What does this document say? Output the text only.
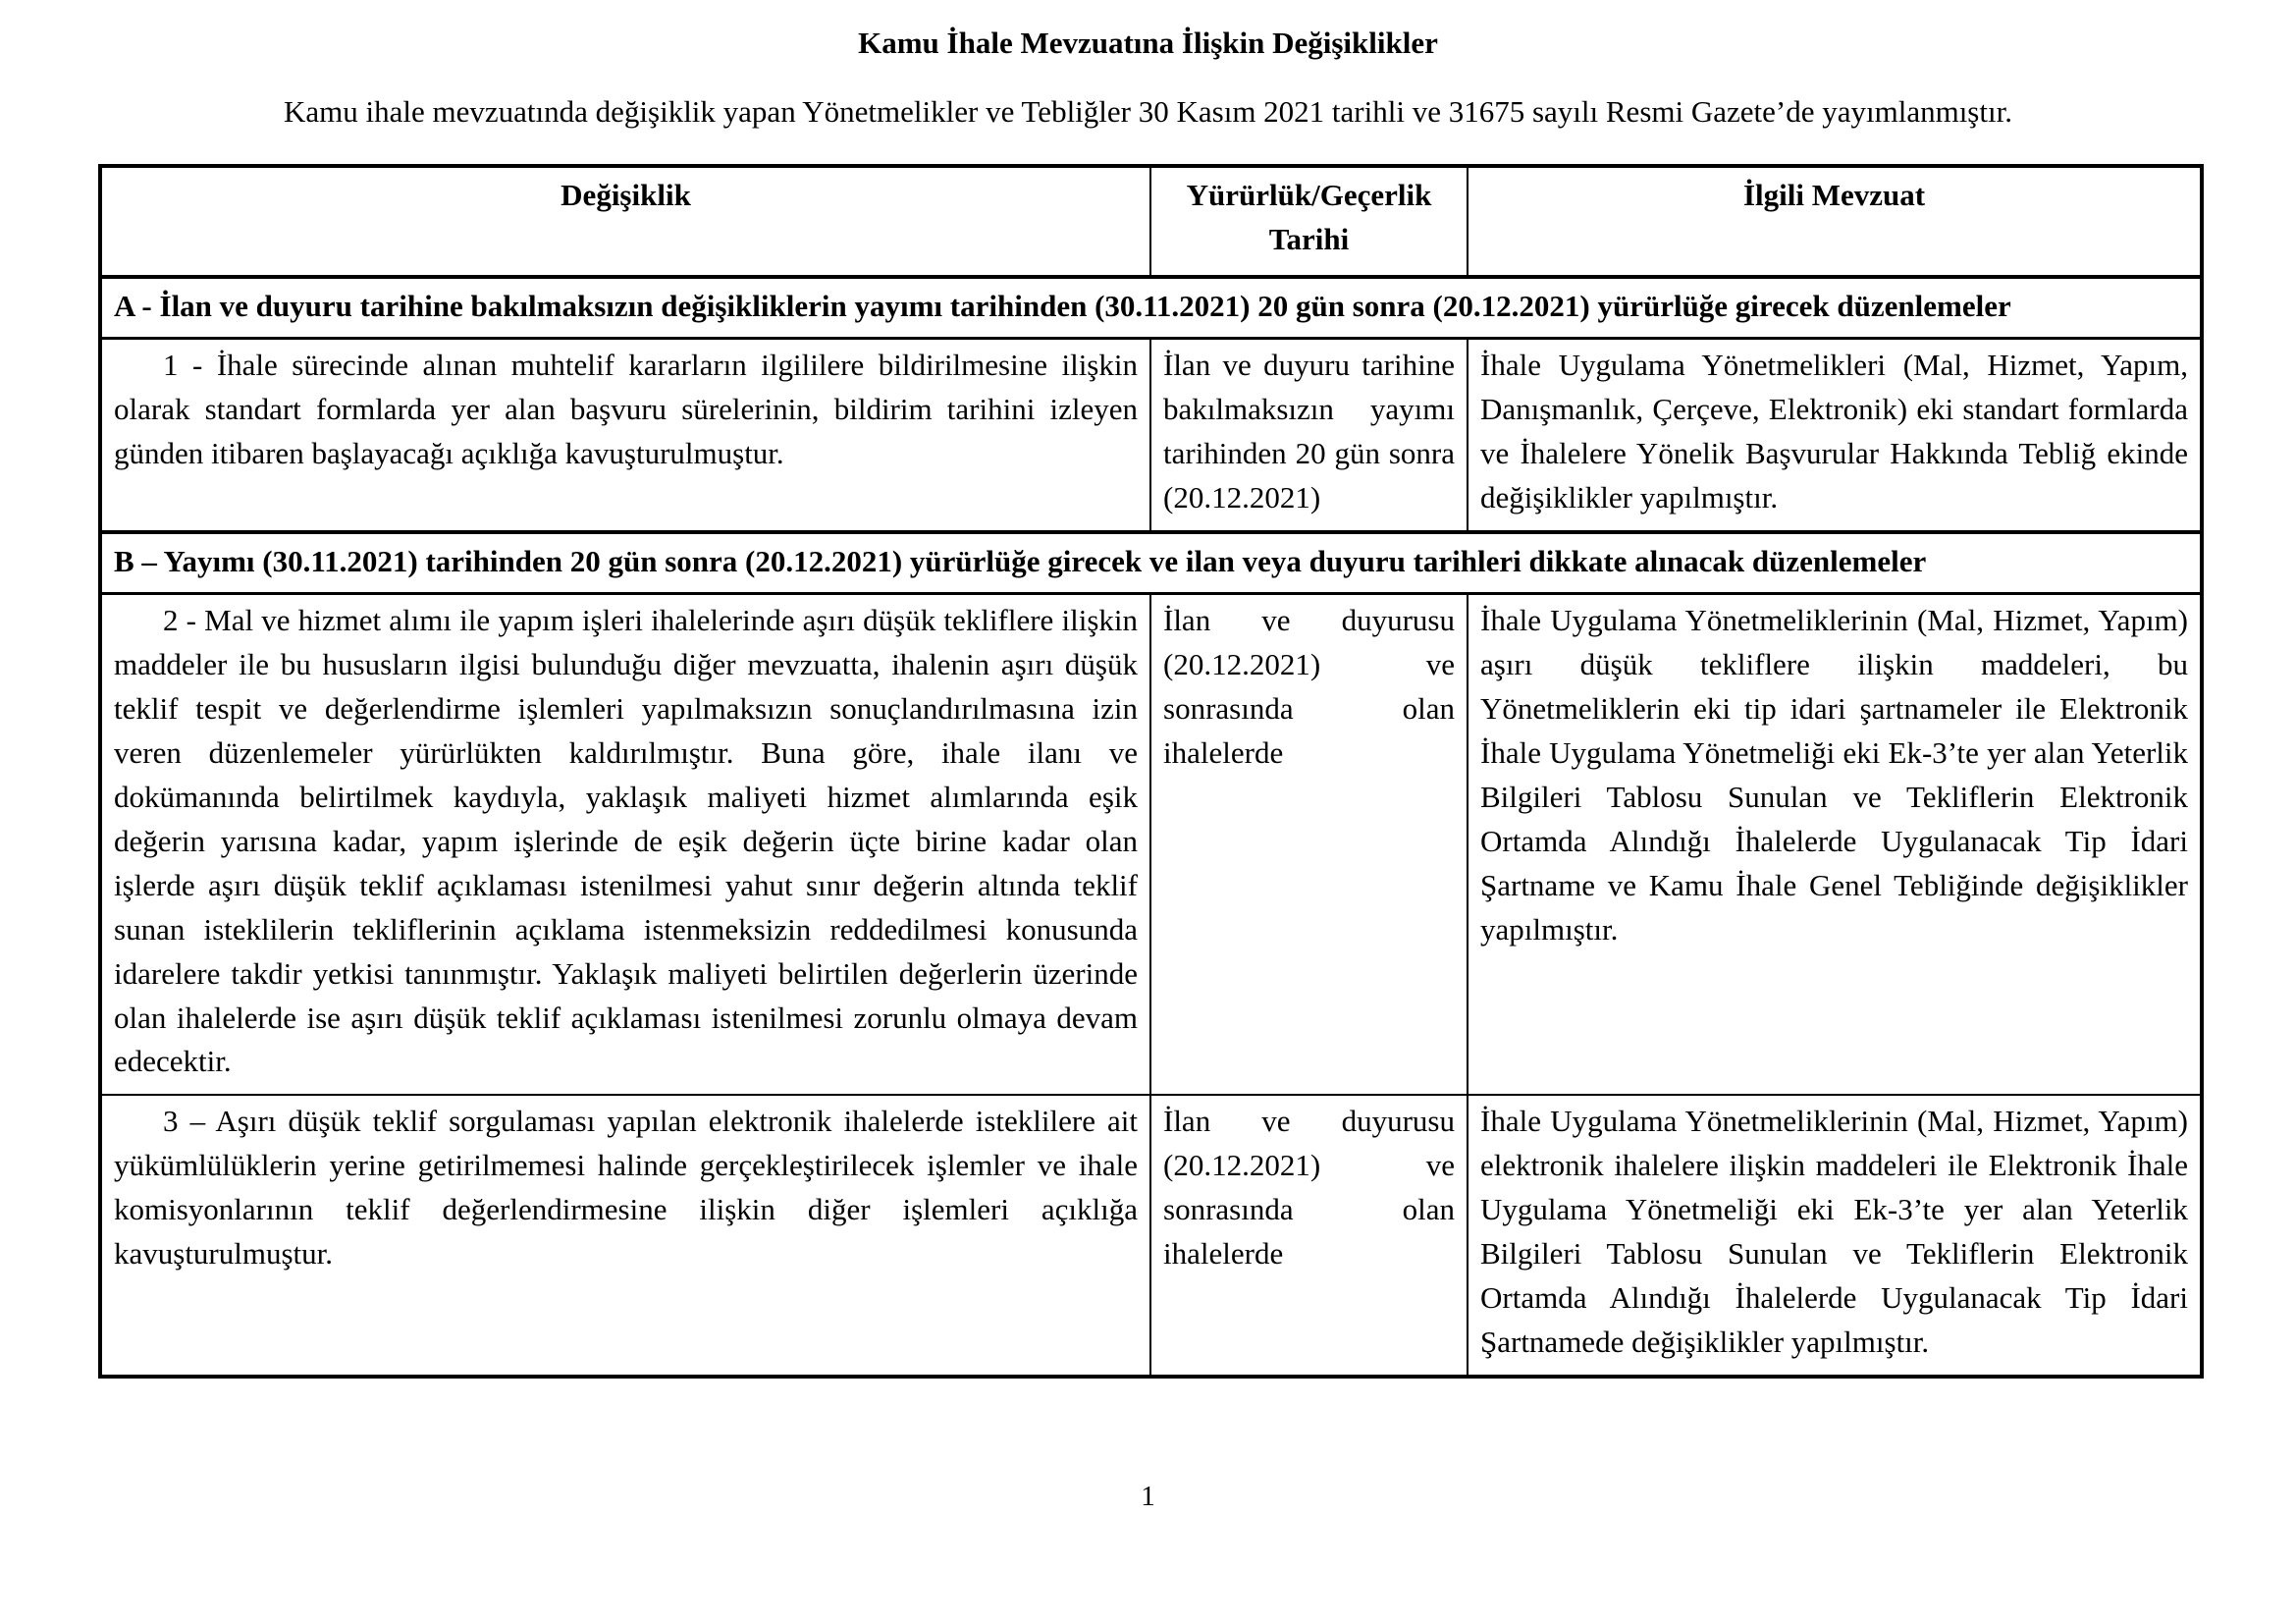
Kamu İhale Mevzuatına İlişkin Değişiklikler
Kamu ihale mevzuatında değişiklik yapan Yönetmelikler ve Tebliğler 30 Kasım 2021 tarihli ve 31675 sayılı Resmi Gazete’de yayımlanmıştır.
Değişiklik	Yürürlük/Geçerlik Tarihi	İlgili Mevzuat
A - İlan ve duyuru tarihine bakılmaksızın değişikliklerin yayımı tarihinden (30.11.2021) 20 gün sonra (20.12.2021) yürürlüğe girecek düzenlemeler		
1 - İhale sürecinde alınan muhtelif kararların ilgililere bildirilmesine ilişkin olarak standart formlarda yer alan başvuru sürelerinin, bildirim tarihini izleyen günden itibaren başlayacağı açıklığa kavuşturulmuştur.	İlan ve duyuru tarihine bakılmaksızın yayımı tarihinden 20 gün sonra (20.12.2021)	İhale Uygulama Yönetmelikleri (Mal, Hizmet, Yapım, Danışmanlık, Çerçeve, Elektronik) eki standart formlarda ve İhalelere Yönelik Başvurular Hakkında Tebliğ ekinde değişiklikler yapılmıştır.
B – Yayımı (30.11.2021) tarihinden 20 gün sonra (20.12.2021) yürürlüğe girecek ve ilan veya duyuru tarihleri dikkate alınacak düzenlemeler		
2 - Mal ve hizmet alımı ile yapım işleri ihalelerinde aşırı düşük tekliflere ilişkin maddeler ile bu hususların ilgisi bulunduğu diğer mevzuatta, ihalenin aşırı düşük teklif tespit ve değerlendirme işlemleri yapılmaksızın sonuçlandırılmasına izin veren düzenlemeler yürürlükten kaldırılmıştır. Buna göre, ihale ilanı ve dokümanında belirtilmek kaydıyla, yaklaşık maliyeti hizmet alımlarında eşik değerin yarısına kadar, yapım işlerinde de eşik değerin üçte birine kadar olan işlerde aşırı düşük teklif açıklaması istenilmesi yahut sınır değerin altında teklif sunan isteklilerin tekliflerinin açıklama istenmeksizin reddedilmesi konusunda idarelere takdir yetkisi tanınmıştır. Yaklaşık maliyeti belirtilen değerlerin üzerinde olan ihalelerde ise aşırı düşük teklif açıklaması istenilmesi zorunlu olmaya devam edecektir.	İlan ve duyurusu (20.12.2021) ve sonrasında olan ihalelerde	İhale Uygulama Yönetmeliklerinin (Mal, Hizmet, Yapım) aşırı düşük tekliflere ilişkin maddeleri, bu Yönetmeliklerin eki tip idari şartnameler ile Elektronik İhale Uygulama Yönetmeliği eki Ek-3’te yer alan Yeterlik Bilgileri Tablosu Sunulan ve Tekliflerin Elektronik Ortamda Alındığı İhalelerde Uygulanacak Tip İdari Şartname ve Kamu İhale Genel Tebliğinde değişiklikler yapılmıştır.
3 – Aşırı düşük teklif sorgulaması yapılan elektronik ihalelerde isteklilere ait yükümlülüklerin yerine getirilmemesi halinde gerçekleştirilecek işlemler ve ihale komisyonlarının teklif değerlendirmesine ilişkin diğer işlemleri açıklığa kavuşturulmuştur.	İlan ve duyurusu (20.12.2021) ve sonrasında olan ihalelerde	İhale Uygulama Yönetmeliklerinin (Mal, Hizmet, Yapım) elektronik ihalelere ilişkin maddeleri ile Elektronik İhale Uygulama Yönetmeliği eki Ek-3’te yer alan Yeterlik Bilgileri Tablosu Sunulan ve Tekliflerin Elektronik Ortamda Alındığı İhalelerde Uygulanacak Tip İdari Şartnamede değişiklikler yapılmıştır.
1
